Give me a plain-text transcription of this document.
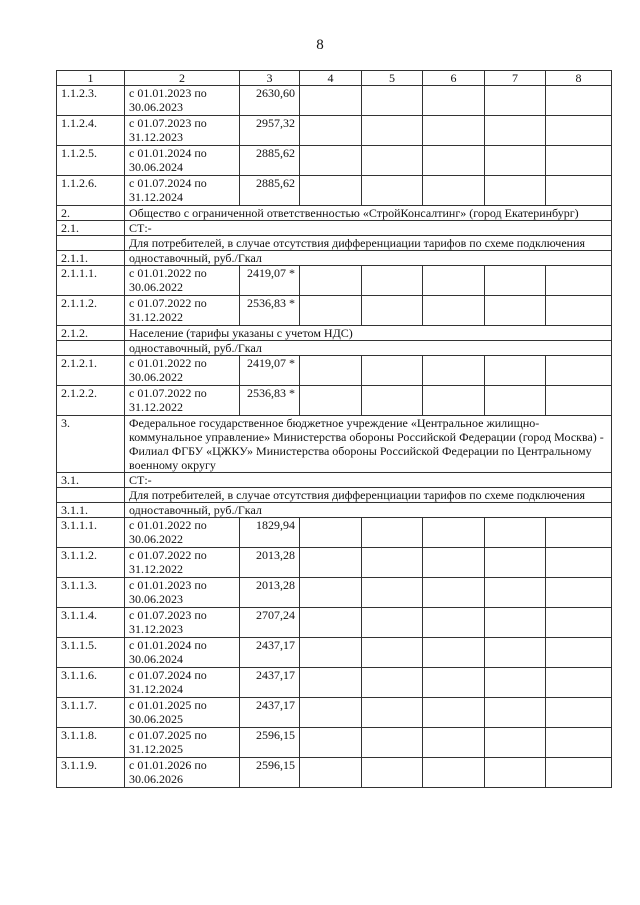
8
1	2	3	4	5	6	7	8
1.1.2.3.	с 01.01.2023 по 30.06.2023	2630,60					
1.1.2.4.	с 01.07.2023 по 31.12.2023	2957,32					
1.1.2.5.	с 01.01.2024 по 30.06.2024	2885,62					
1.1.2.6.	с 01.07.2024 по 31.12.2024	2885,62					
2.	Общество с ограниченной ответственностью «СтройКонсалтинг» (город Екатеринбург)						
2.1.	СТ:-						
	Для потребителей, в случае отсутствия дифференциации тарифов по схеме подключения						
2.1.1.	одноставочный, руб./Гкал						
2.1.1.1.	с 01.01.2022 по 30.06.2022	2419,07 *					
2.1.1.2.	с 01.07.2022 по 31.12.2022	2536,83 *					
2.1.2.	Население (тарифы указаны с учетом НДС)						
	одноставочный, руб./Гкал						
2.1.2.1.	с 01.01.2022 по 30.06.2022	2419,07 *					
2.1.2.2.	с 01.07.2022 по 31.12.2022	2536,83 *					
3.	Федеральное государственное бюджетное учреждение «Центральное жилищно-коммунальное управление» Министерства обороны Российской Федерации (город Москва) - Филиал ФГБУ «ЦЖКУ» Министерства обороны Российской Федерации по Центральному военному округу						
3.1.	СТ:-						
	Для потребителей, в случае отсутствия дифференциации тарифов по схеме подключения						
3.1.1.	одноставочный, руб./Гкал						
3.1.1.1.	с 01.01.2022 по 30.06.2022	1829,94					
3.1.1.2.	с 01.07.2022 по 31.12.2022	2013,28					
3.1.1.3.	с 01.01.2023 по 30.06.2023	2013,28					
3.1.1.4.	с 01.07.2023 по 31.12.2023	2707,24					
3.1.1.5.	с 01.01.2024 по 30.06.2024	2437,17					
3.1.1.6.	с 01.07.2024 по 31.12.2024	2437,17					
3.1.1.7.	с 01.01.2025 по 30.06.2025	2437,17					
3.1.1.8.	с 01.07.2025 по 31.12.2025	2596,15					
3.1.1.9.	с 01.01.2026 по 30.06.2026	2596,15					
